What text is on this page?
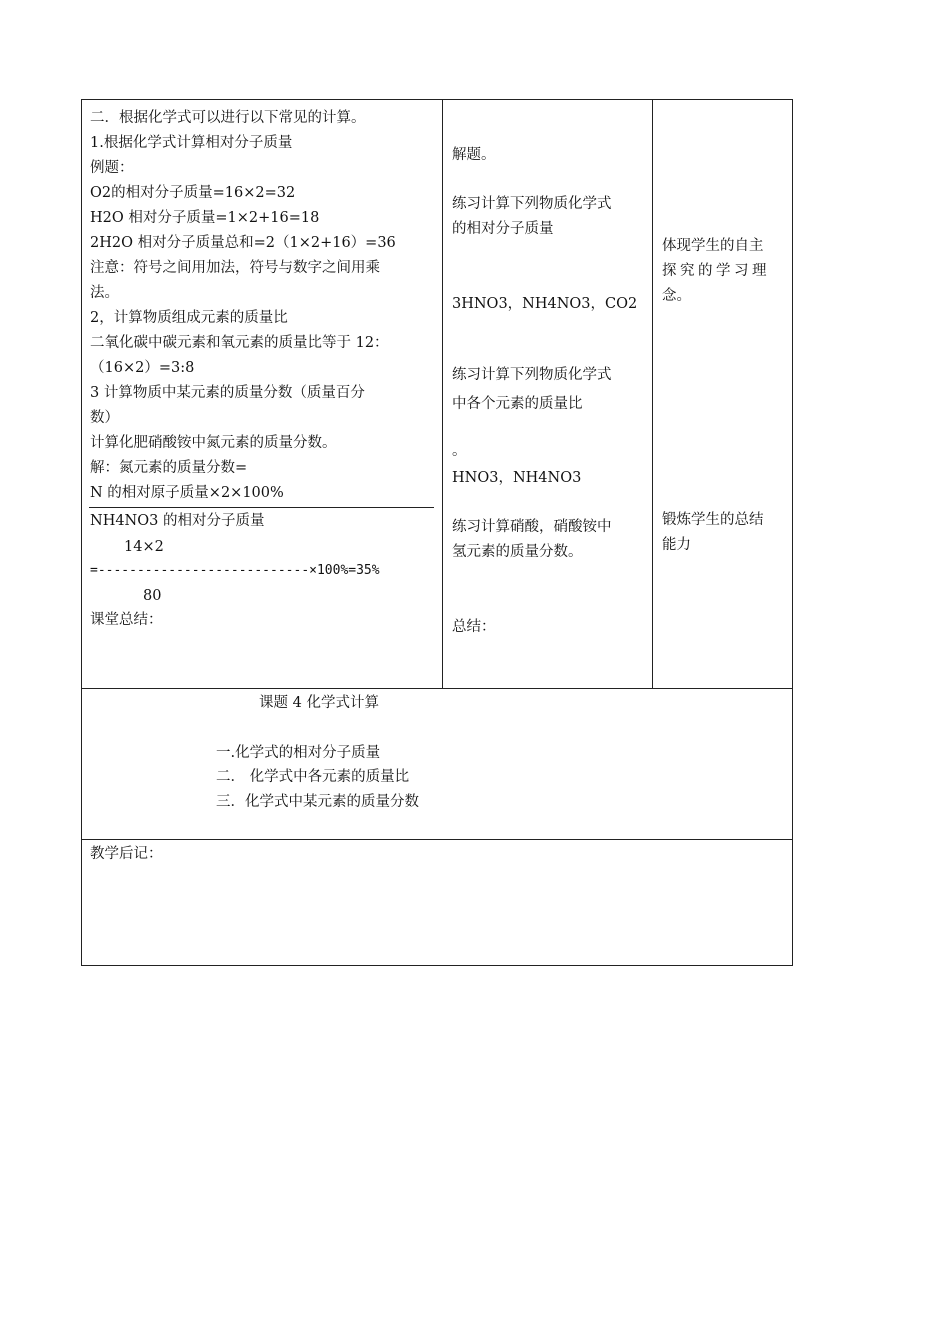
二．根据化学式可以进行以下常见的计算。
1.根据化学式计算相对分子质量
例题：
O2的相对分子质量=16×2=32
H2O 相对分子质量=1×2+16=18
2H2O 相对分子质量总和=2（1×2+16）=36
注意：符号之间用加法，符号与数字之间用乘
法。
2，计算物质组成元素的质量比
二氧化碳中碳元素和氧元素的质量比等于 12：
（16×2）=3:8
3 计算物质中某元素的质量分数（质量百分
数）
计算化肥硝酸铵中氮元素的质量分数。
解：氮元素的质量分数=
N 的相对原子质量×2×100%
NH4NO3 的相对分子质量
14×2
=---------------------------×100%=35%
80
课堂总结：
解题。
练习计算下列物质化学式
的相对分子质量
3HNO3，NH4NO3，CO2
练习计算下列物质化学式
中各个元素的质量比
。
HNO3，NH4NO3
练习计算硝酸，硝酸铵中
氢元素的质量分数。
总结：
体现学生的自主
探究的学习理
念。
锻炼学生的总结
能力
课题 4 化学式计算
一.化学式的相对分子质量
二． 化学式中各元素的质量比
三．化学式中某元素的质量分数
教学后记：
